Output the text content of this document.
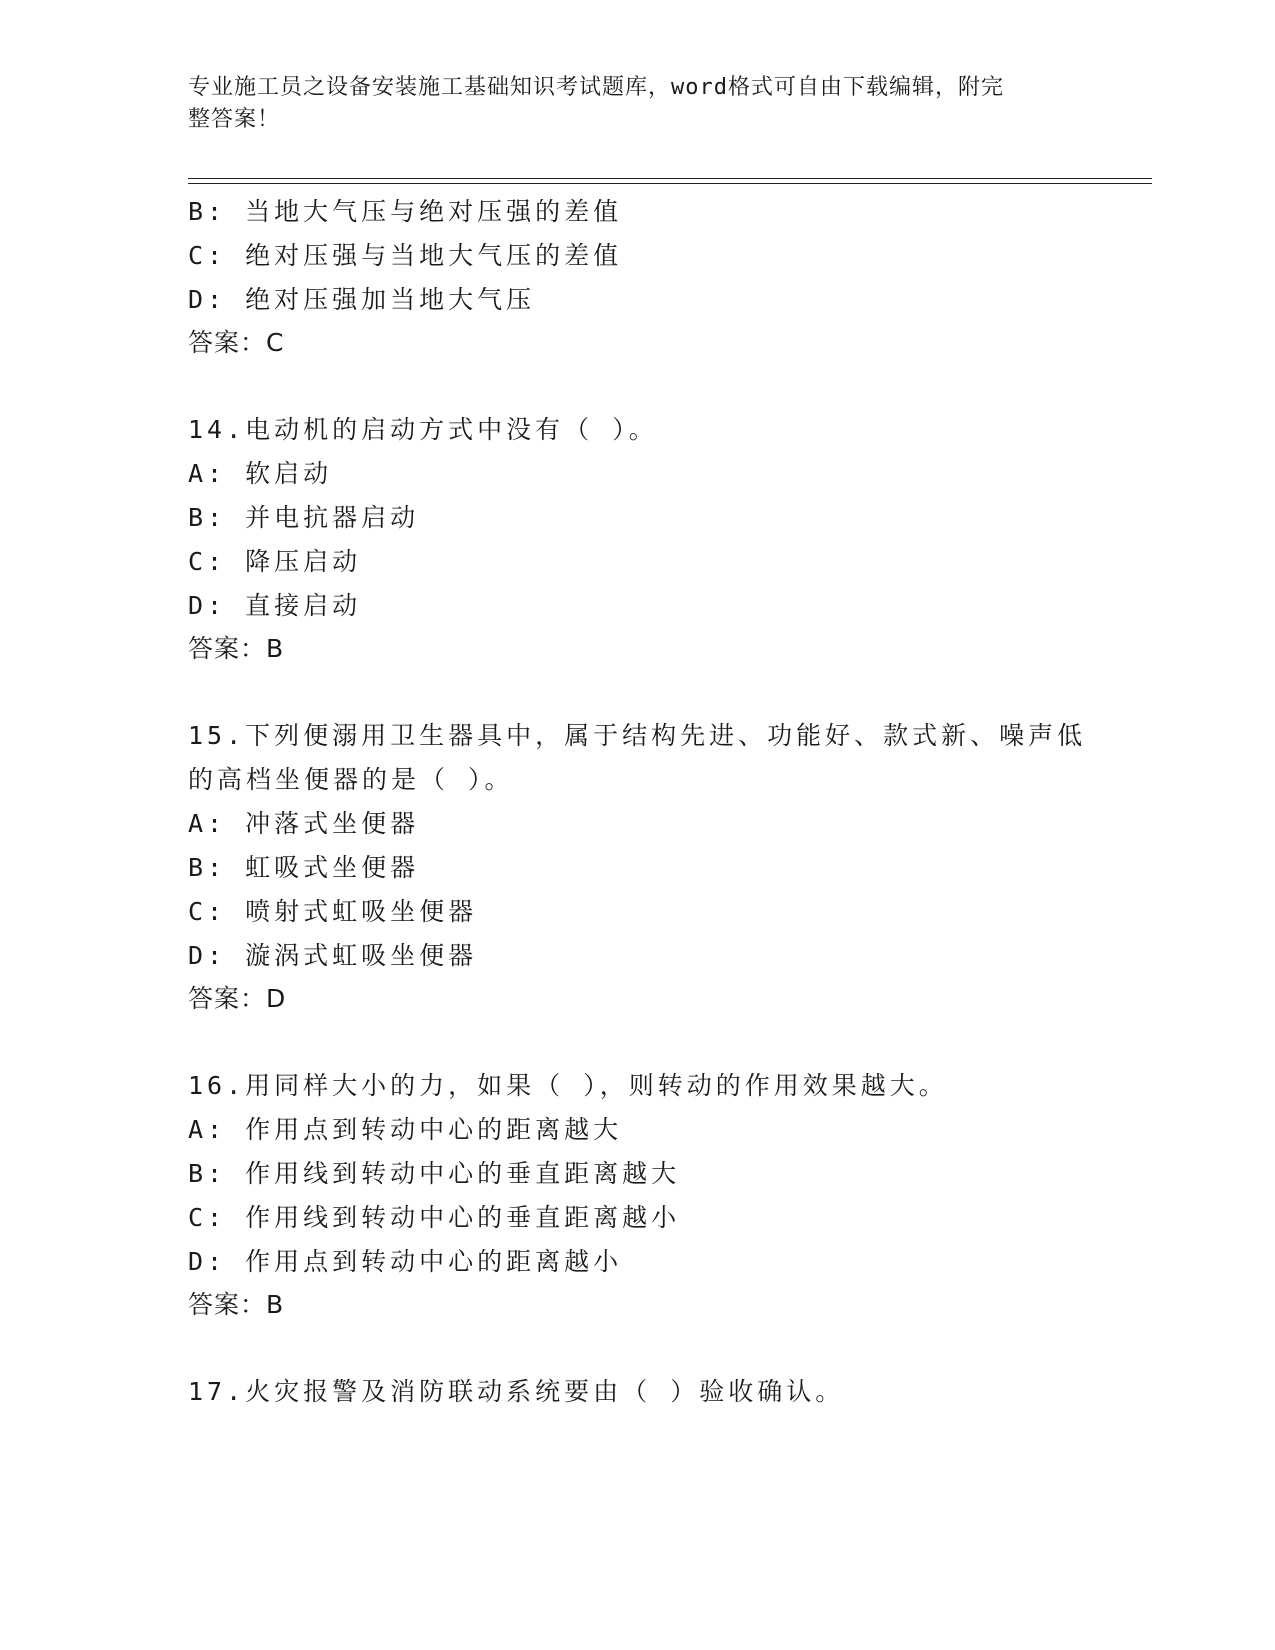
专业施工员之设备安装施工基础知识考试题库，word格式可自由下载编辑，附完
整答案！
B: 当地大气压与绝对压强的差值
C: 绝对压强与当地大气压的差值
D: 绝对压强加当地大气压
答案：C
14.电动机的启动方式中没有（ ）。
A: 软启动
B: 并电抗器启动
C: 降压启动
D: 直接启动
答案：B
15.下列便溺用卫生器具中，属于结构先进、功能好、款式新、噪声低
的高档坐便器的是（ ）。
A: 冲落式坐便器
B: 虹吸式坐便器
C: 喷射式虹吸坐便器
D: 漩涡式虹吸坐便器
答案：D
16.用同样大小的力，如果（ ），则转动的作用效果越大。
A: 作用点到转动中心的距离越大
B: 作用线到转动中心的垂直距离越大
C: 作用线到转动中心的垂直距离越小
D: 作用点到转动中心的距离越小
答案：B
17.火灾报警及消防联动系统要由（ ）验收确认。
